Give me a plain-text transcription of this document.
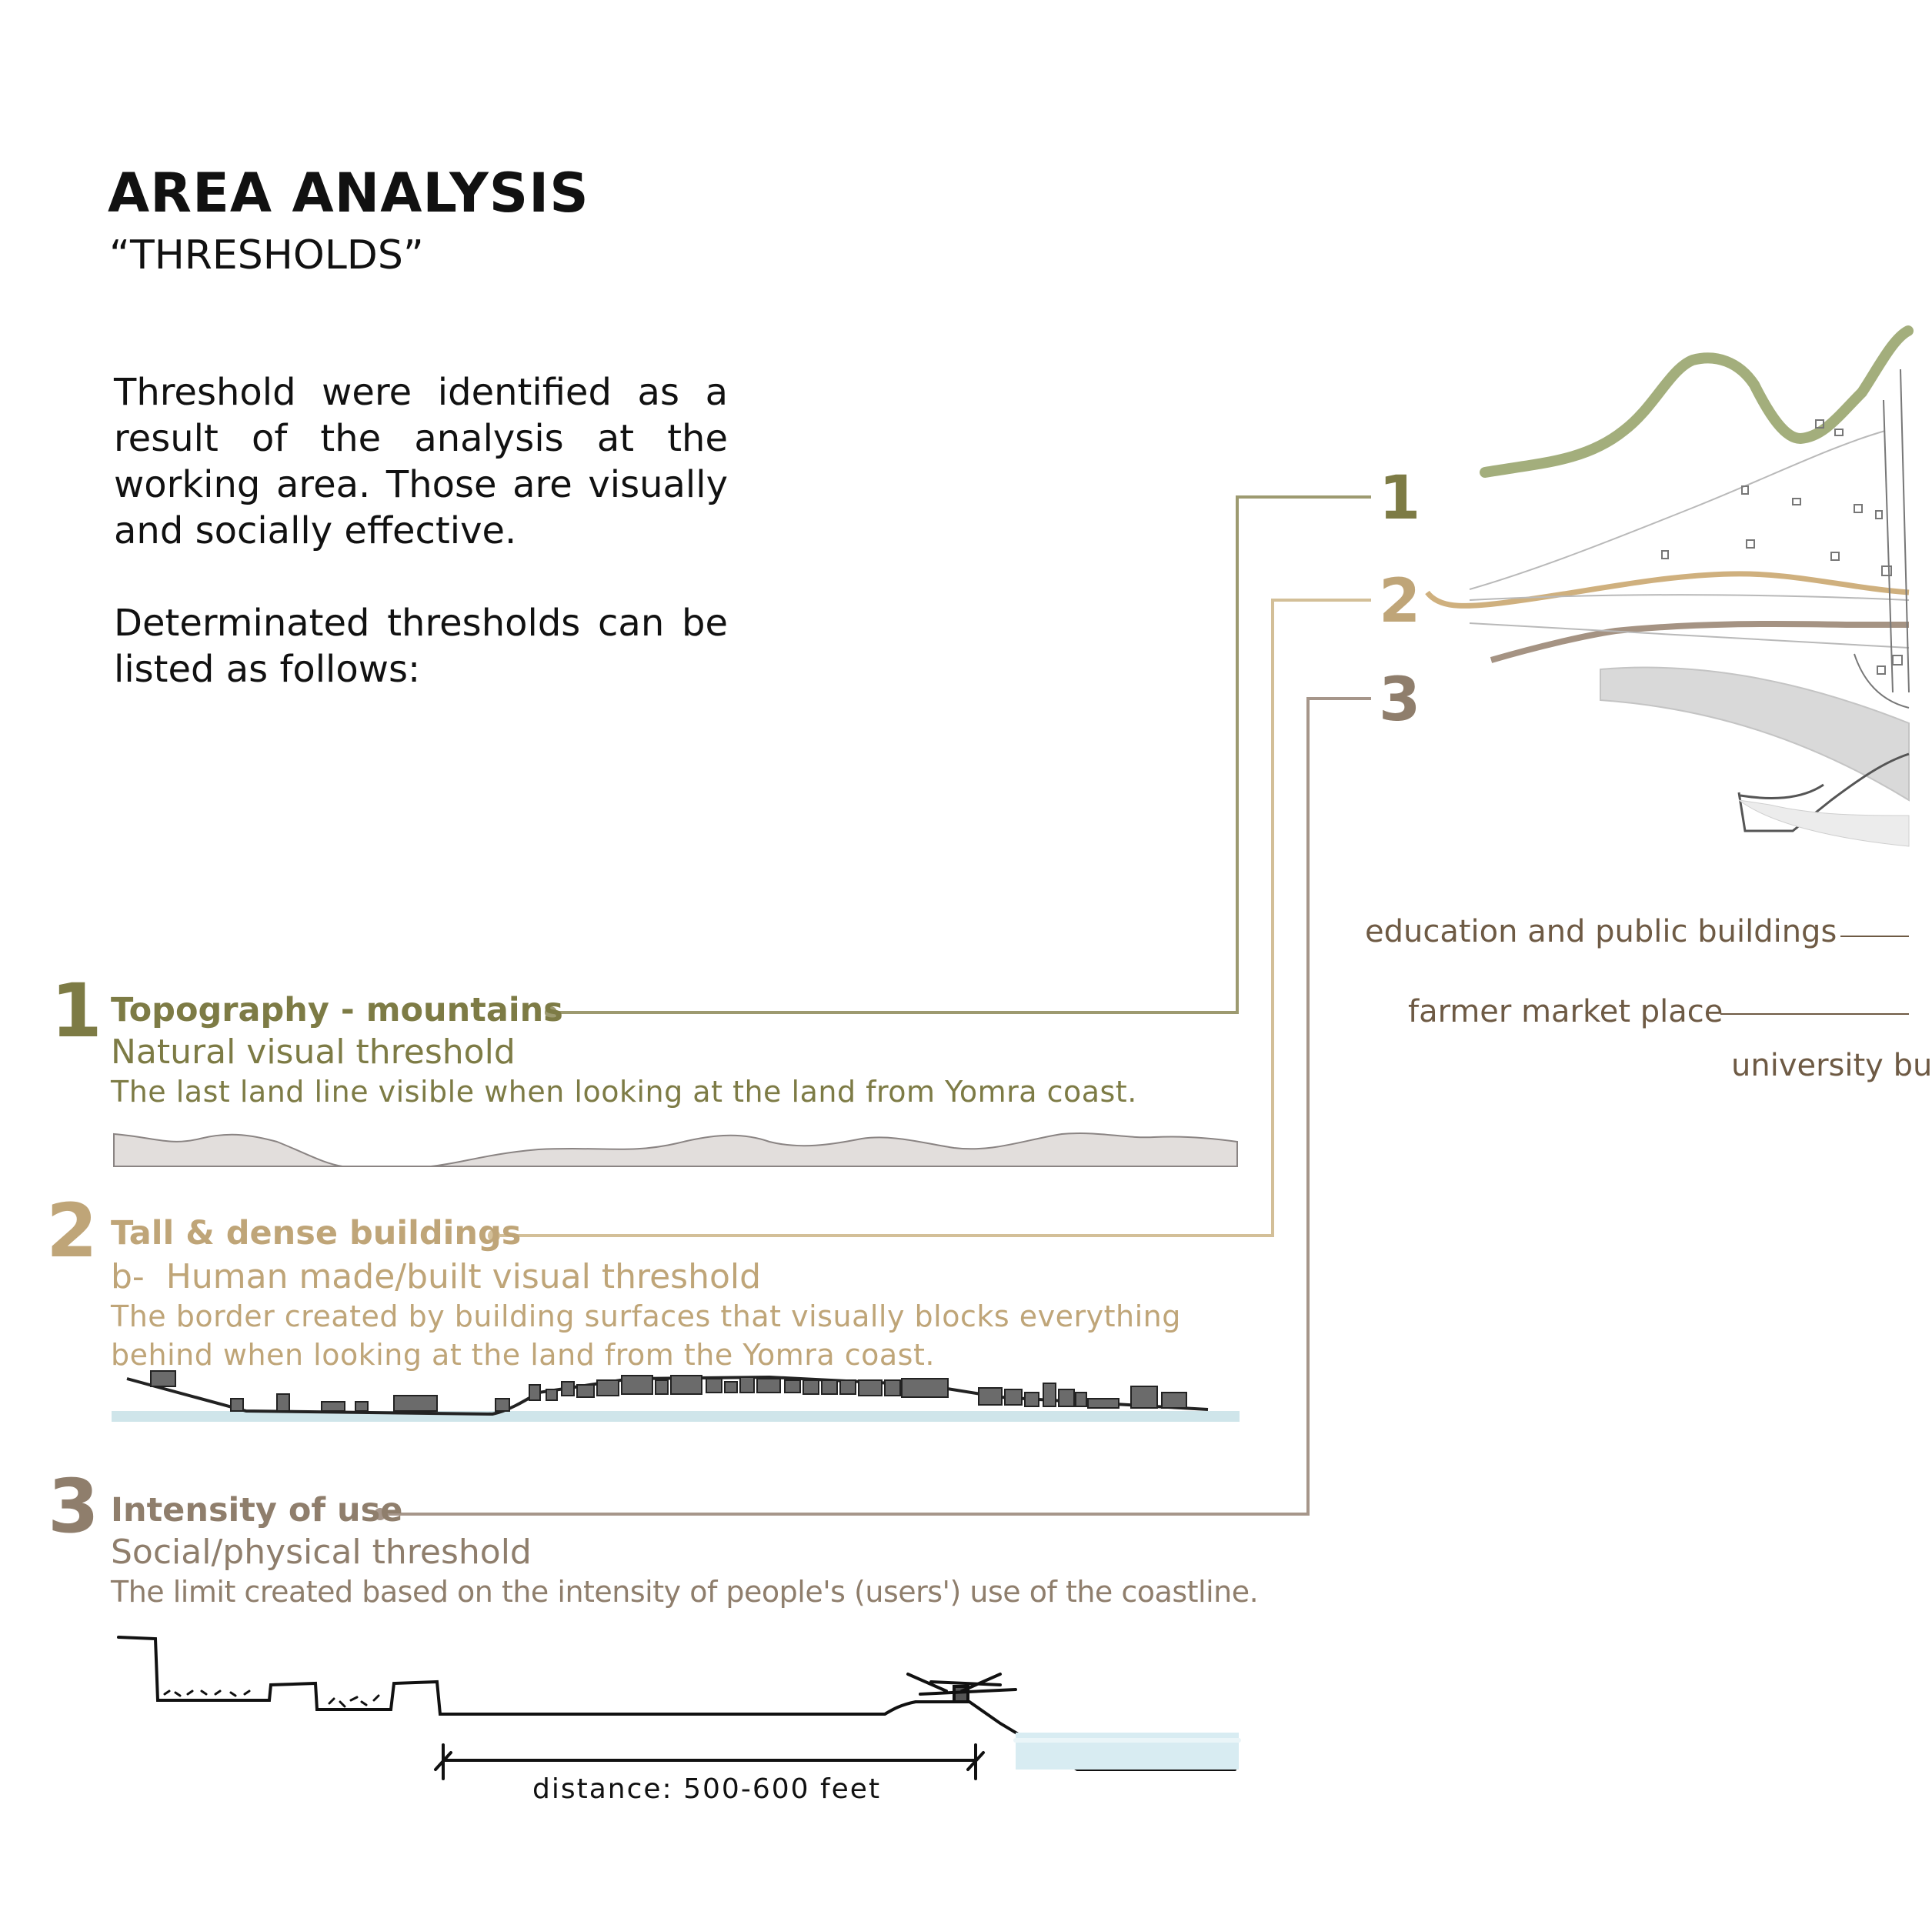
AREA ANALYSIS
“THRESHOLDS”
Threshold were identified as a result of the analysis at the working area. Those are visually and socially effective.
Determinated thresholds can be listed as follows:
1 Topography - mountains
Natural visual threshold
The last land line visible when looking at the land from Yomra coast.
2 Tall & dense buildings
b-  Human made/built visual threshold
The border created by building surfaces that visually blocks everything behind when looking at the land from the Yomra coast.
3 Intensity of use
Social/physical threshold
The limit created based on the intensity of people's (users') use of the coastline.
distance: 500-600 feet
1
2
3
education and public buildings
farmer market place
university bu
